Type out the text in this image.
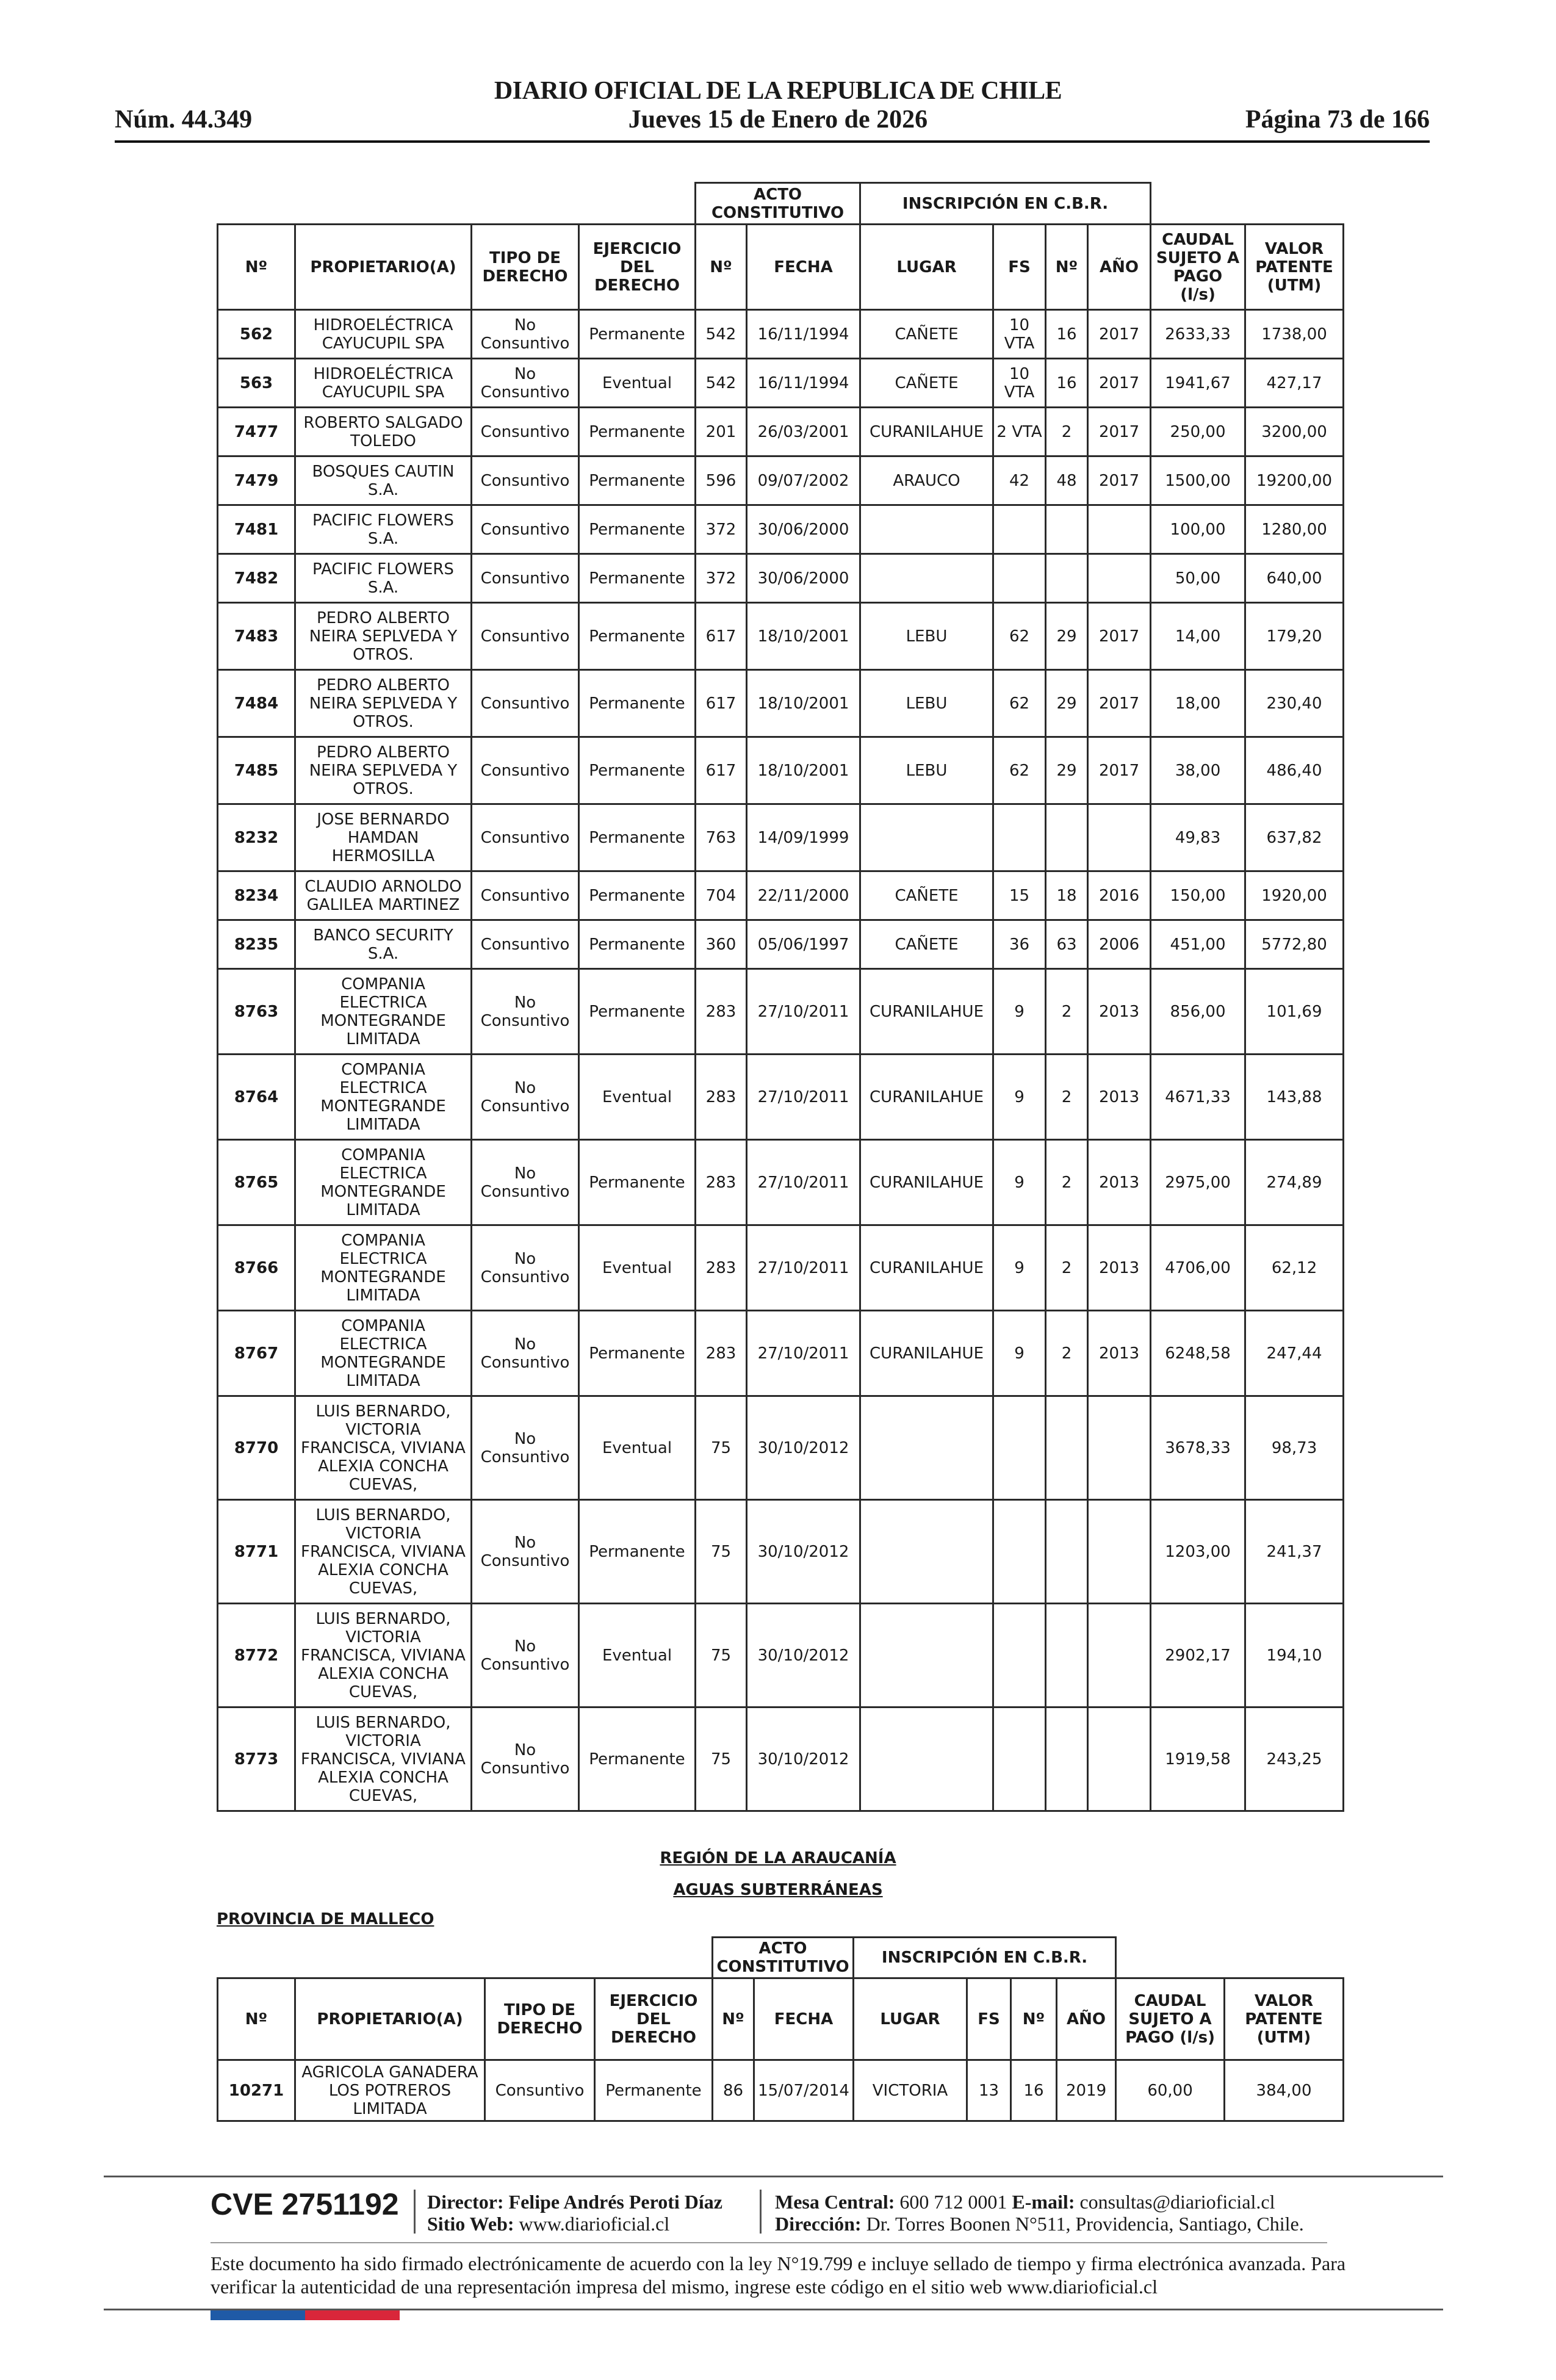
DIARIO OFICIAL DE LA REPUBLICA DE CHILE
Núm. 44.349	Jueves 15 de Enero de 2026	Página 73 de 166
				ACTO CONSTITUTIVO		INSCRIPCIÓN EN C.B.R.					
Nº	PROPIETARIO(A)	TIPO DE DERECHO	EJERCICIO DEL DERECHO	Nº	FECHA	LUGAR	FS	Nº	AÑO	CAUDAL SUJETO A PAGO (l/s)	VALOR PATENTE (UTM)
562	HIDROELÉCTRICA CAYUCUPIL SPA	No Consuntivo	Permanente	542	16/11/1994	CAÑETE	10 VTA	16	2017	2633,33	1738,00
563	HIDROELÉCTRICA CAYUCUPIL SPA	No Consuntivo	Eventual	542	16/11/1994	CAÑETE	10 VTA	16	2017	1941,67	427,17
7477	ROBERTO SALGADO TOLEDO	Consuntivo	Permanente	201	26/03/2001	CURANILAHUE	2 VTA	2	2017	250,00	3200,00
7479	BOSQUES CAUTIN S.A.	Consuntivo	Permanente	596	09/07/2002	ARAUCO	42	48	2017	1500,00	19200,00
7481	PACIFIC FLOWERS S.A.	Consuntivo	Permanente	372	30/06/2000					100,00	1280,00
7482	PACIFIC FLOWERS S.A.	Consuntivo	Permanente	372	30/06/2000					50,00	640,00
7483	PEDRO ALBERTO NEIRA SEPLVEDA Y OTROS.	Consuntivo	Permanente	617	18/10/2001	LEBU	62	29	2017	14,00	179,20
7484	PEDRO ALBERTO NEIRA SEPLVEDA Y OTROS.	Consuntivo	Permanente	617	18/10/2001	LEBU	62	29	2017	18,00	230,40
7485	PEDRO ALBERTO NEIRA SEPLVEDA Y OTROS.	Consuntivo	Permanente	617	18/10/2001	LEBU	62	29	2017	38,00	486,40
8232	JOSE BERNARDO HAMDAN HERMOSILLA	Consuntivo	Permanente	763	14/09/1999					49,83	637,82
8234	CLAUDIO ARNOLDO GALILEA MARTINEZ	Consuntivo	Permanente	704	22/11/2000	CAÑETE	15	18	2016	150,00	1920,00
8235	BANCO SECURITY S.A.	Consuntivo	Permanente	360	05/06/1997	CAÑETE	36	63	2006	451,00	5772,80
8763	COMPANIA ELECTRICA MONTEGRANDE LIMITADA	No Consuntivo	Permanente	283	27/10/2011	CURANILAHUE	9	2	2013	856,00	101,69
8764	COMPANIA ELECTRICA MONTEGRANDE LIMITADA	No Consuntivo	Eventual	283	27/10/2011	CURANILAHUE	9	2	2013	4671,33	143,88
8765	COMPANIA ELECTRICA MONTEGRANDE LIMITADA	No Consuntivo	Permanente	283	27/10/2011	CURANILAHUE	9	2	2013	2975,00	274,89
8766	COMPANIA ELECTRICA MONTEGRANDE LIMITADA	No Consuntivo	Eventual	283	27/10/2011	CURANILAHUE	9	2	2013	4706,00	62,12
8767	COMPANIA ELECTRICA MONTEGRANDE LIMITADA	No Consuntivo	Permanente	283	27/10/2011	CURANILAHUE	9	2	2013	6248,58	247,44
8770	LUIS BERNARDO, VICTORIA FRANCISCA, VIVIANA ALEXIA CONCHA CUEVAS,	No Consuntivo	Eventual	75	30/10/2012					3678,33	98,73
8771	LUIS BERNARDO, VICTORIA FRANCISCA, VIVIANA ALEXIA CONCHA CUEVAS,	No Consuntivo	Permanente	75	30/10/2012					1203,00	241,37
8772	LUIS BERNARDO, VICTORIA FRANCISCA, VIVIANA ALEXIA CONCHA CUEVAS,	No Consuntivo	Eventual	75	30/10/2012					2902,17	194,10
8773	LUIS BERNARDO, VICTORIA FRANCISCA, VIVIANA ALEXIA CONCHA CUEVAS,	No Consuntivo	Permanente	75	30/10/2012					1919,58	243,25
REGIÓN DE LA ARAUCANÍA
AGUAS SUBTERRÁNEAS
PROVINCIA DE MALLECO
				ACTO CONSTITUTIVO		INSCRIPCIÓN EN C.B.R.					
Nº	PROPIETARIO(A)	TIPO DE DERECHO	EJERCICIO DEL DERECHO	Nº	FECHA	LUGAR	FS	Nº	AÑO	CAUDAL SUJETO A PAGO (l/s)	VALOR PATENTE (UTM)
10271	AGRICOLA GANADERA LOS POTREROS LIMITADA	Consuntivo	Permanente	86	15/07/2014	VICTORIA	13	16	2019	60,00	384,00
CVE 2751192 Director: Felipe Andrés Peroti Díaz
Sitio Web: www.diarioficial.cl
Mesa Central: 600 712 0001 E-mail: consultas@diarioficial.cl
Dirección: Dr. Torres Boonen N°511, Providencia, Santiago, Chile.
Este documento ha sido firmado electrónicamente de acuerdo con la ley N°19.799 e incluye sellado de tiempo y firma electrónica avanzada. Para verificar la autenticidad de una representación impresa del mismo, ingrese este código en el sitio web www.diarioficial.cl
